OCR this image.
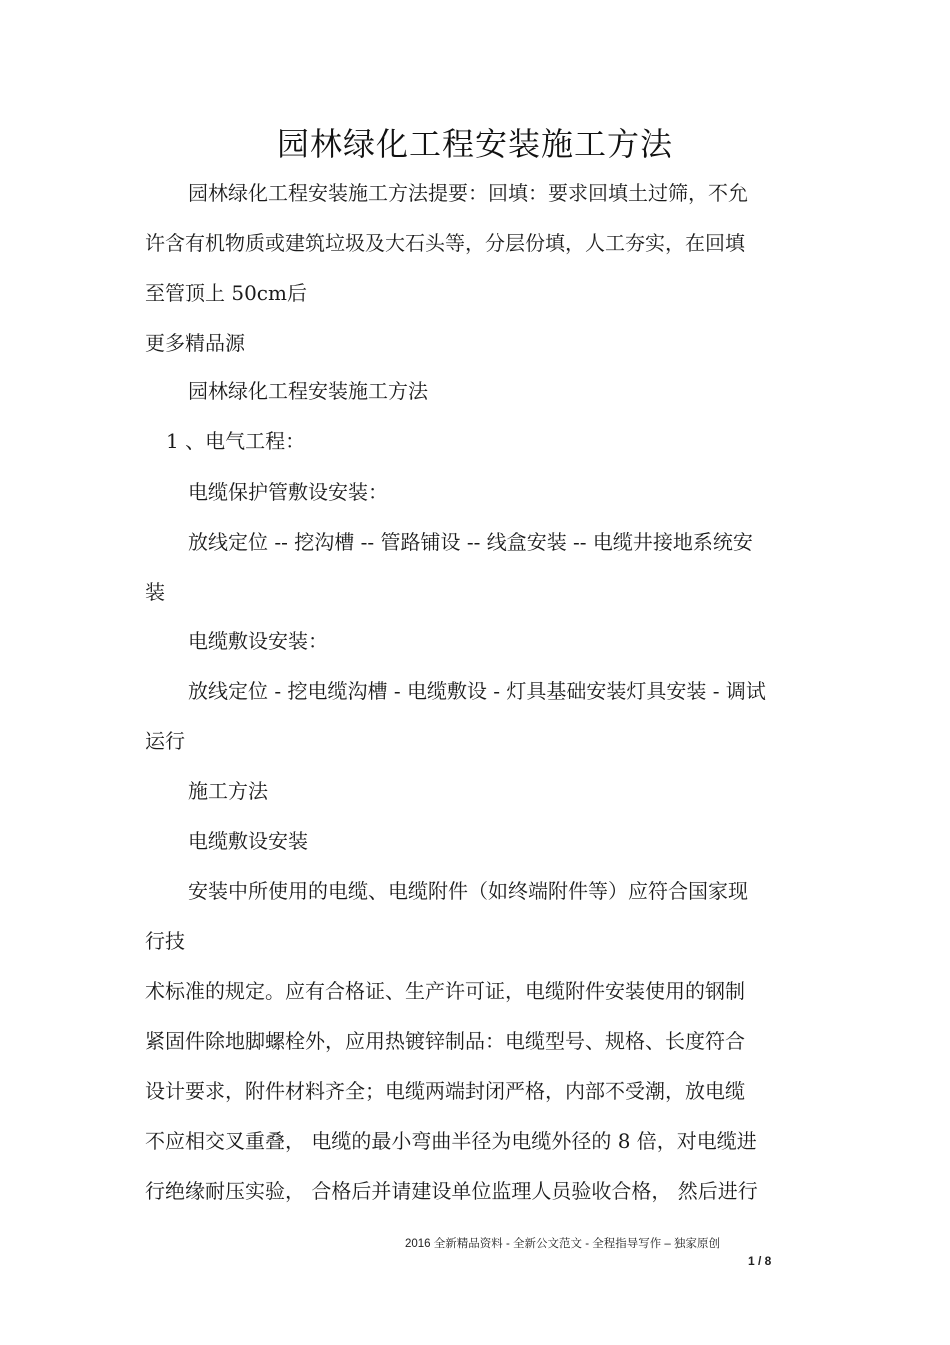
园林绿化工程安装施工方法
园林绿化工程安装施工方法提要：回填：要求回填土过筛，不允
许含有机物质或建筑垃圾及大石头等，分层份填，人工夯实，在回填
至管顶上 50cm后
更多精品源
园林绿化工程安装施工方法
1 、电气工程：
电缆保护管敷设安装：
放线定位 -- 挖沟槽 -- 管路铺设 -- 线盒安装 -- 电缆井接地系统安
装
电缆敷设安装：
放线定位 - 挖电缆沟槽 - 电缆敷设 - 灯具基础安装灯具安装 - 调试
运行
施工方法
电缆敷设安装
安装中所使用的电缆、电缆附件（如终端附件等）应符合国家现
行技
术标准的规定。应有合格证、生产许可证，电缆附件安装使用的钢制
紧固件除地脚螺栓外，应用热镀锌制品：电缆型号、规格、长度符合
设计要求，附件材料齐全；电缆两端封闭严格，内部不受潮，放电缆
不应相交叉重叠， 电缆的最小弯曲半径为电缆外径的 8 倍，对电缆进
行绝缘耐压实验， 合格后并请建设单位监理人员验收合格， 然后进行
2016 全新精品资料 - 全新公文范文 - 全程指导写作 – 独家原创
1 / 8
